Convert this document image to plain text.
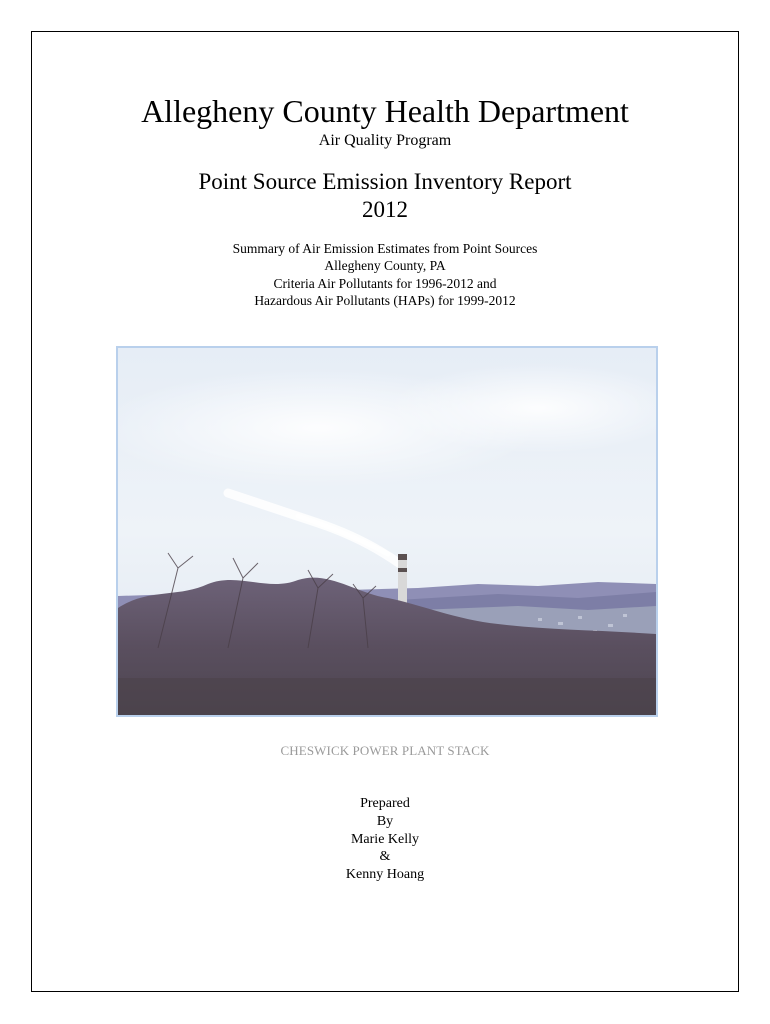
Allegheny County Health Department
Air Quality Program
Point Source Emission Inventory Report
2012
Summary of Air Emission Estimates from Point Sources
Allegheny County, PA
Criteria Air Pollutants for 1996-2012 and
Hazardous Air Pollutants (HAPs) for 1999-2012
CHESWICK POWER PLANT STACK
Prepared
By
Marie Kelly
&
Kenny Hoang
